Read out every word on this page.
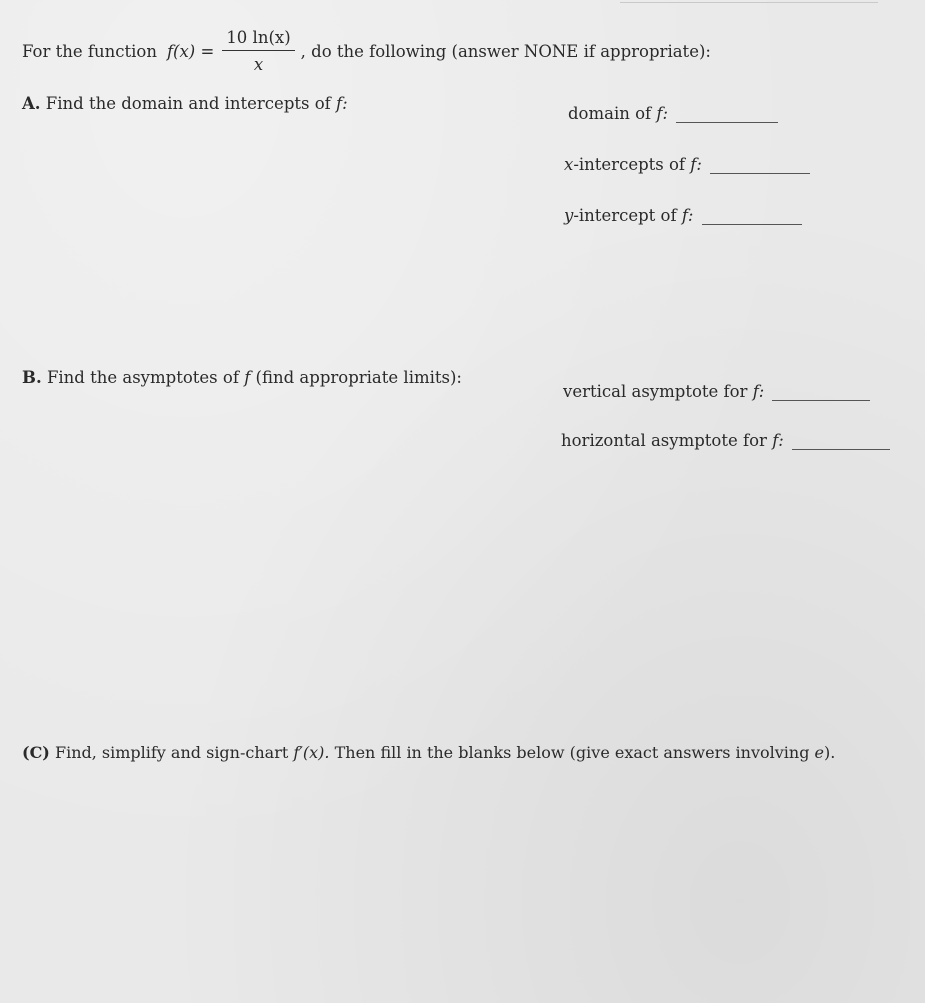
For the function $f(x) = \frac{10 \ln(x)}{x}$ , do the following (answer NONE if appropriate):
A. Find the domain and intercepts of f:
domain of
f:
x -intercepts of
f:
y -intercept of
f:
B. Find the asymptotes of f (find appropriate limits):
vertical asymptote for
f:
horizontal asymptote for
f:
(C) Find, simplify and sign-chart f′(x). Then fill in the blanks below (give exact answers involving e).
